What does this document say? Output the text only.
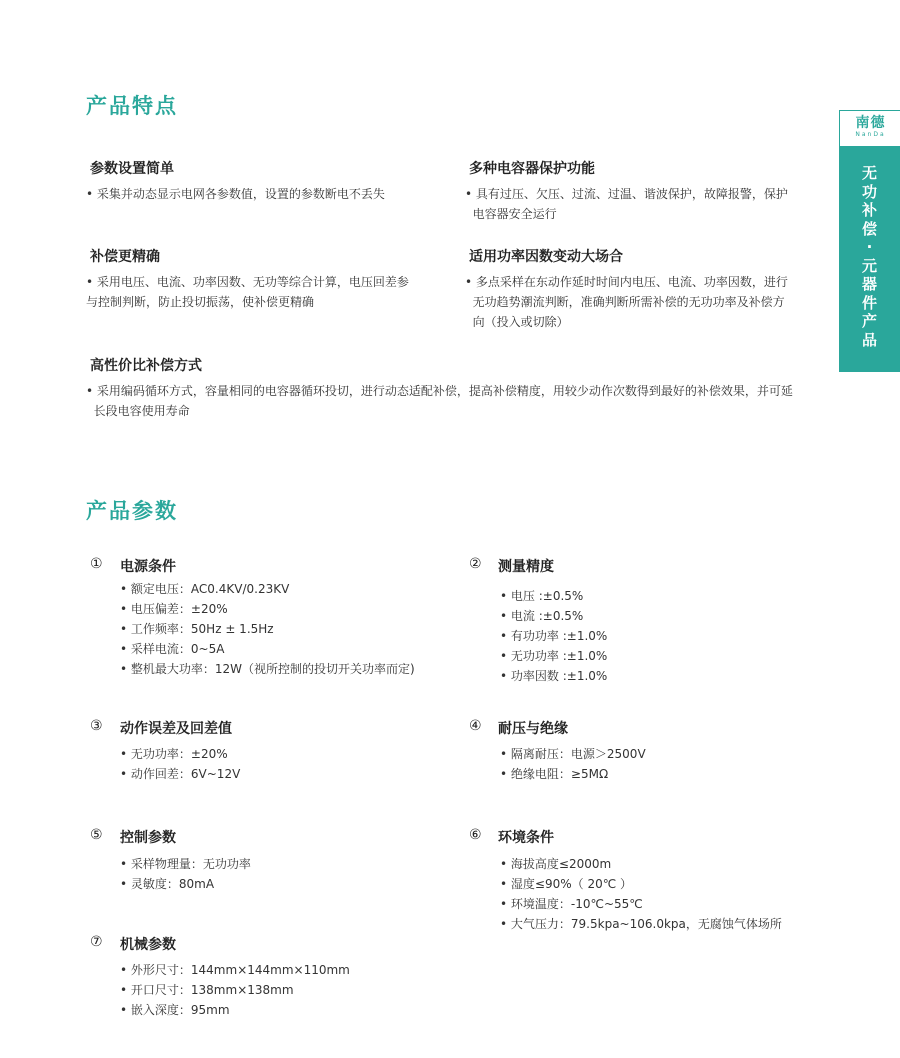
南德
NanDa
无
功
补
偿
·
元
器
件
产
品
产品特点
参数设置简单
• 采集并动态显示电网各参数值，设置的参数断电不丢失
多种电容器保护功能
• 具有过压、欠压、过流、过温、谐波保护，故障报警，保护
电容器安全运行
补偿更精确
• 采用电压、电流、功率因数、无功等综合计算，电压回差参
与控制判断，防止投切振荡，使补偿更精确
适用功率因数变动大场合
• 多点采样在东动作延时时间内电压、电流、功率因数，进行
无功趋势潮流判断，准确判断所需补偿的无功功率及补偿方
向（投入或切除）
高性价比补偿方式
• 采用编码循环方式，容量相同的电容器循环投切，进行动态适配补偿，提高补偿精度，用较少动作次数得到最好的补偿效果，并可延
长段电容使用寿命
产品参数
① 电源条件
• 额定电压：AC0.4KV/0.23KV
• 电压偏差：±20%
• 工作频率：50Hz ± 1.5Hz
• 采样电流：0~5A
• 整机最大功率：12W（视所控制的投切开关功率而定)
② 测量精度
• 电压 :±0.5%
• 电流 :±0.5%
• 有功功率 :±1.0%
• 无功功率 :±1.0%
• 功率因数 :±1.0%
③ 动作误差及回差值
• 无功功率：±20%
• 动作回差：6V~12V
④ 耐压与绝缘
• 隔离耐压：电源＞2500V
• 绝缘电阻：≥5MΩ
⑤ 控制参数
• 采样物理量：无功功率
• 灵敏度：80mA
⑥ 环境条件
• 海拔高度≤2000m
• 湿度≤90%（ 20℃ ）
• 环境温度：-10℃~55℃
• 大气压力：79.5kpa~106.0kpa，无腐蚀气体场所
⑦ 机械参数
• 外形尺寸：144mm×144mm×110mm
• 开口尺寸：138mm×138mm
• 嵌入深度：95mm
